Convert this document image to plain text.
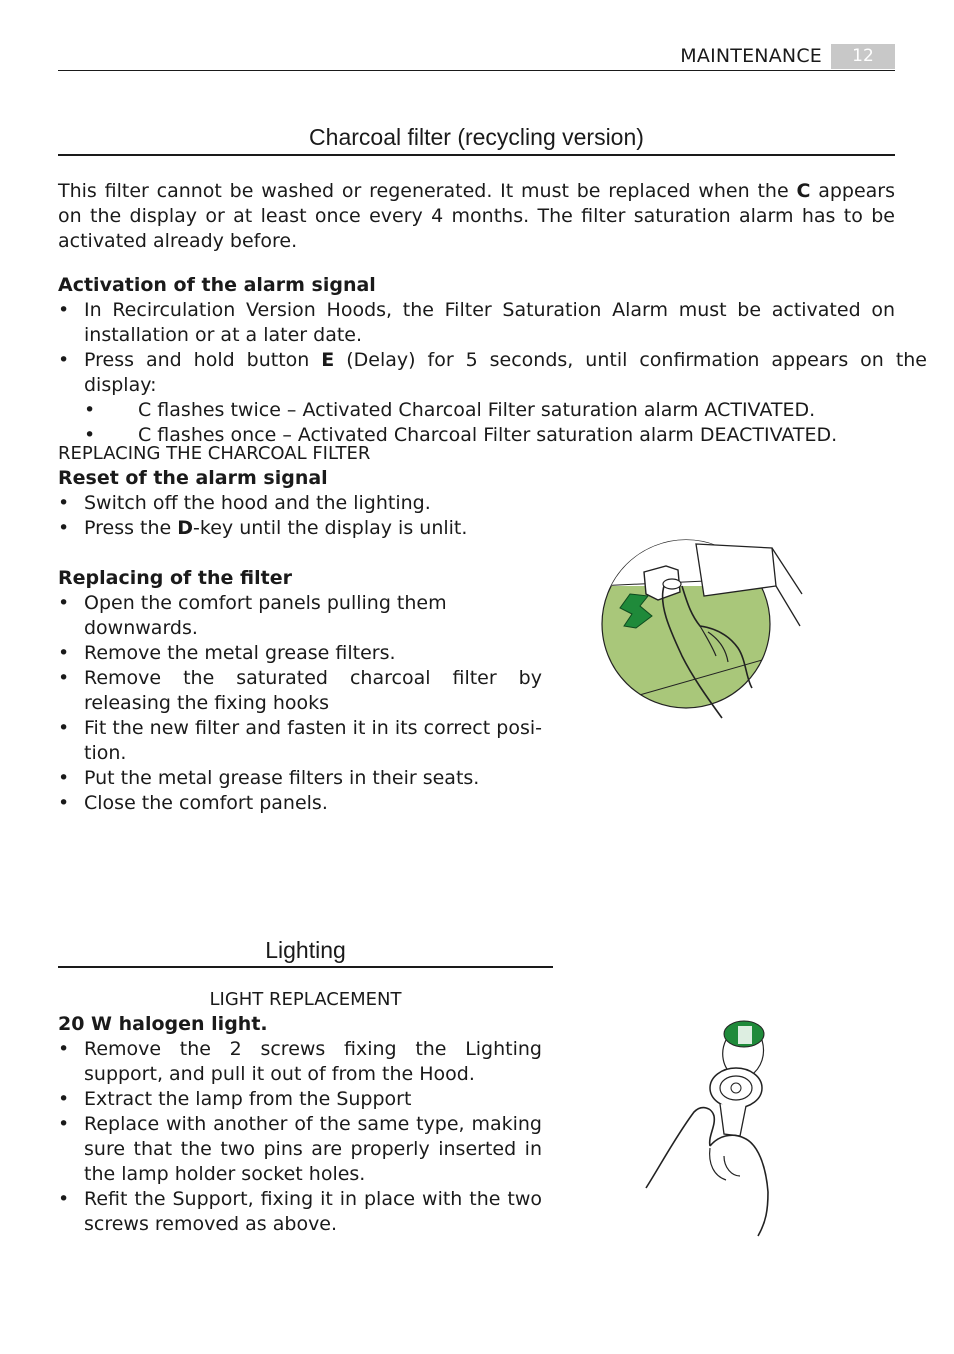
MAINTENANCE	12
Charcoal filter (recycling version)

This filter cannot be washed or regenerated. It must be replaced when the C appears on the display or at least once every 4 months. The filter saturation alarm has to be activated already before.

Activation of the alarm signal

• In Recirculation Version Hoods, the Filter Saturation Alarm must be activated on installation or at a later date.
• Press and hold button E (Delay) for 5 seconds, until confirmation appears on the display:
• C flashes twice – Activated Charcoal Filter saturation alarm ACTIVATED.
• C flashes once – Activated Charcoal Filter saturation alarm DEACTIVATED.

REPLACING THE CHARCOAL FILTER

Reset of the alarm signal

• Switch off the hood and the lighting.
• Press the D-key until the display is unlit.

Replacing of the filter

• Open the comfort panels pulling them downwards.
• Remove the metal grease filters.
• Remove the saturated charcoal filter by releasing the fixing hooks
• Fit the new filter and fasten it in its correct posi-tion.
• Put the metal grease filters in their seats.
• Close the comfort panels.
Lighting
LIGHT REPLACEMENT

20 W halogen light.

• Remove the 2 screws fixing the Lighting support, and pull it out of from the Hood.
• Extract the lamp from the Support
• Replace with another of the same type, making sure that the two pins are properly inserted in the lamp holder socket holes.
• Refit the Support, fixing it in place with the two screws removed as above.
